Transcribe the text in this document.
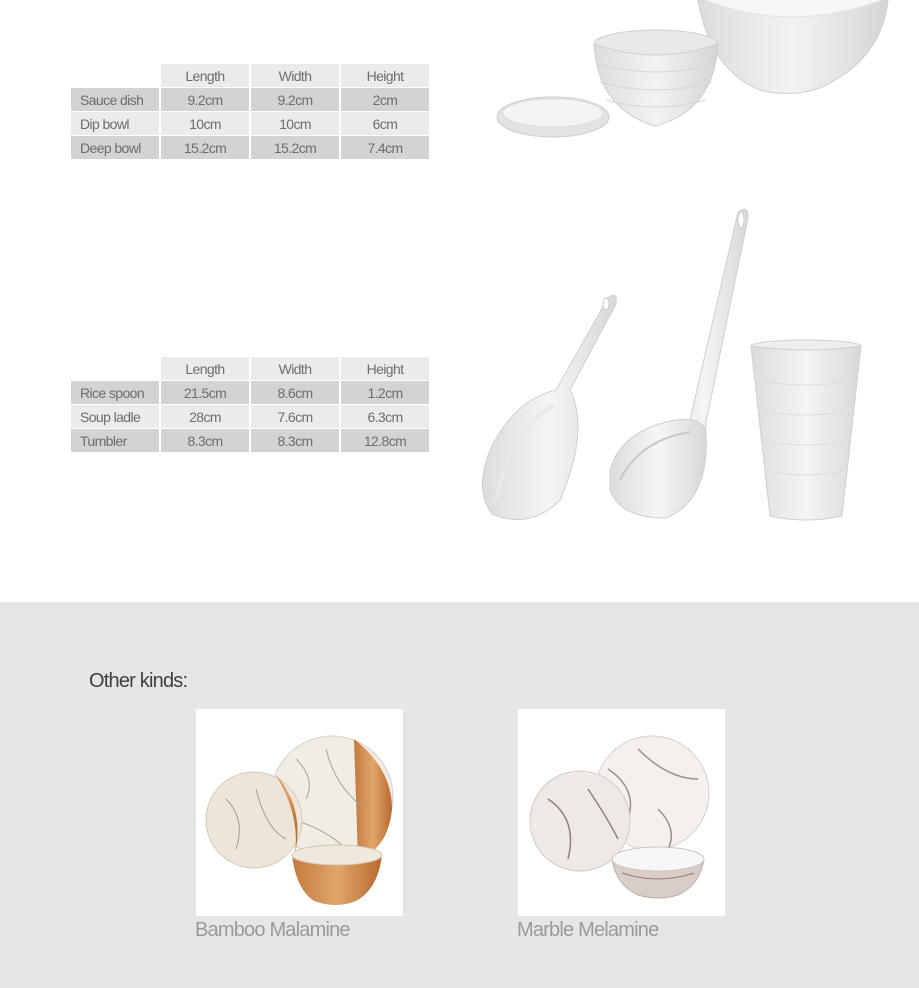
	Length	Width	Height
Sauce dish	9.2cm	9.2cm	2cm
Dip bowl	10cm	10cm	6cm
Deep bowl	15.2cm	15.2cm	7.4cm
	Length	Width	Height
Rice spoon	21.5cm	8.6cm	1.2cm
Soup ladle	28cm	7.6cm	6.3cm
Tumbler	8.3cm	8.3cm	12.8cm
Other kinds:
Bamboo Malamine	Marble Melamine
